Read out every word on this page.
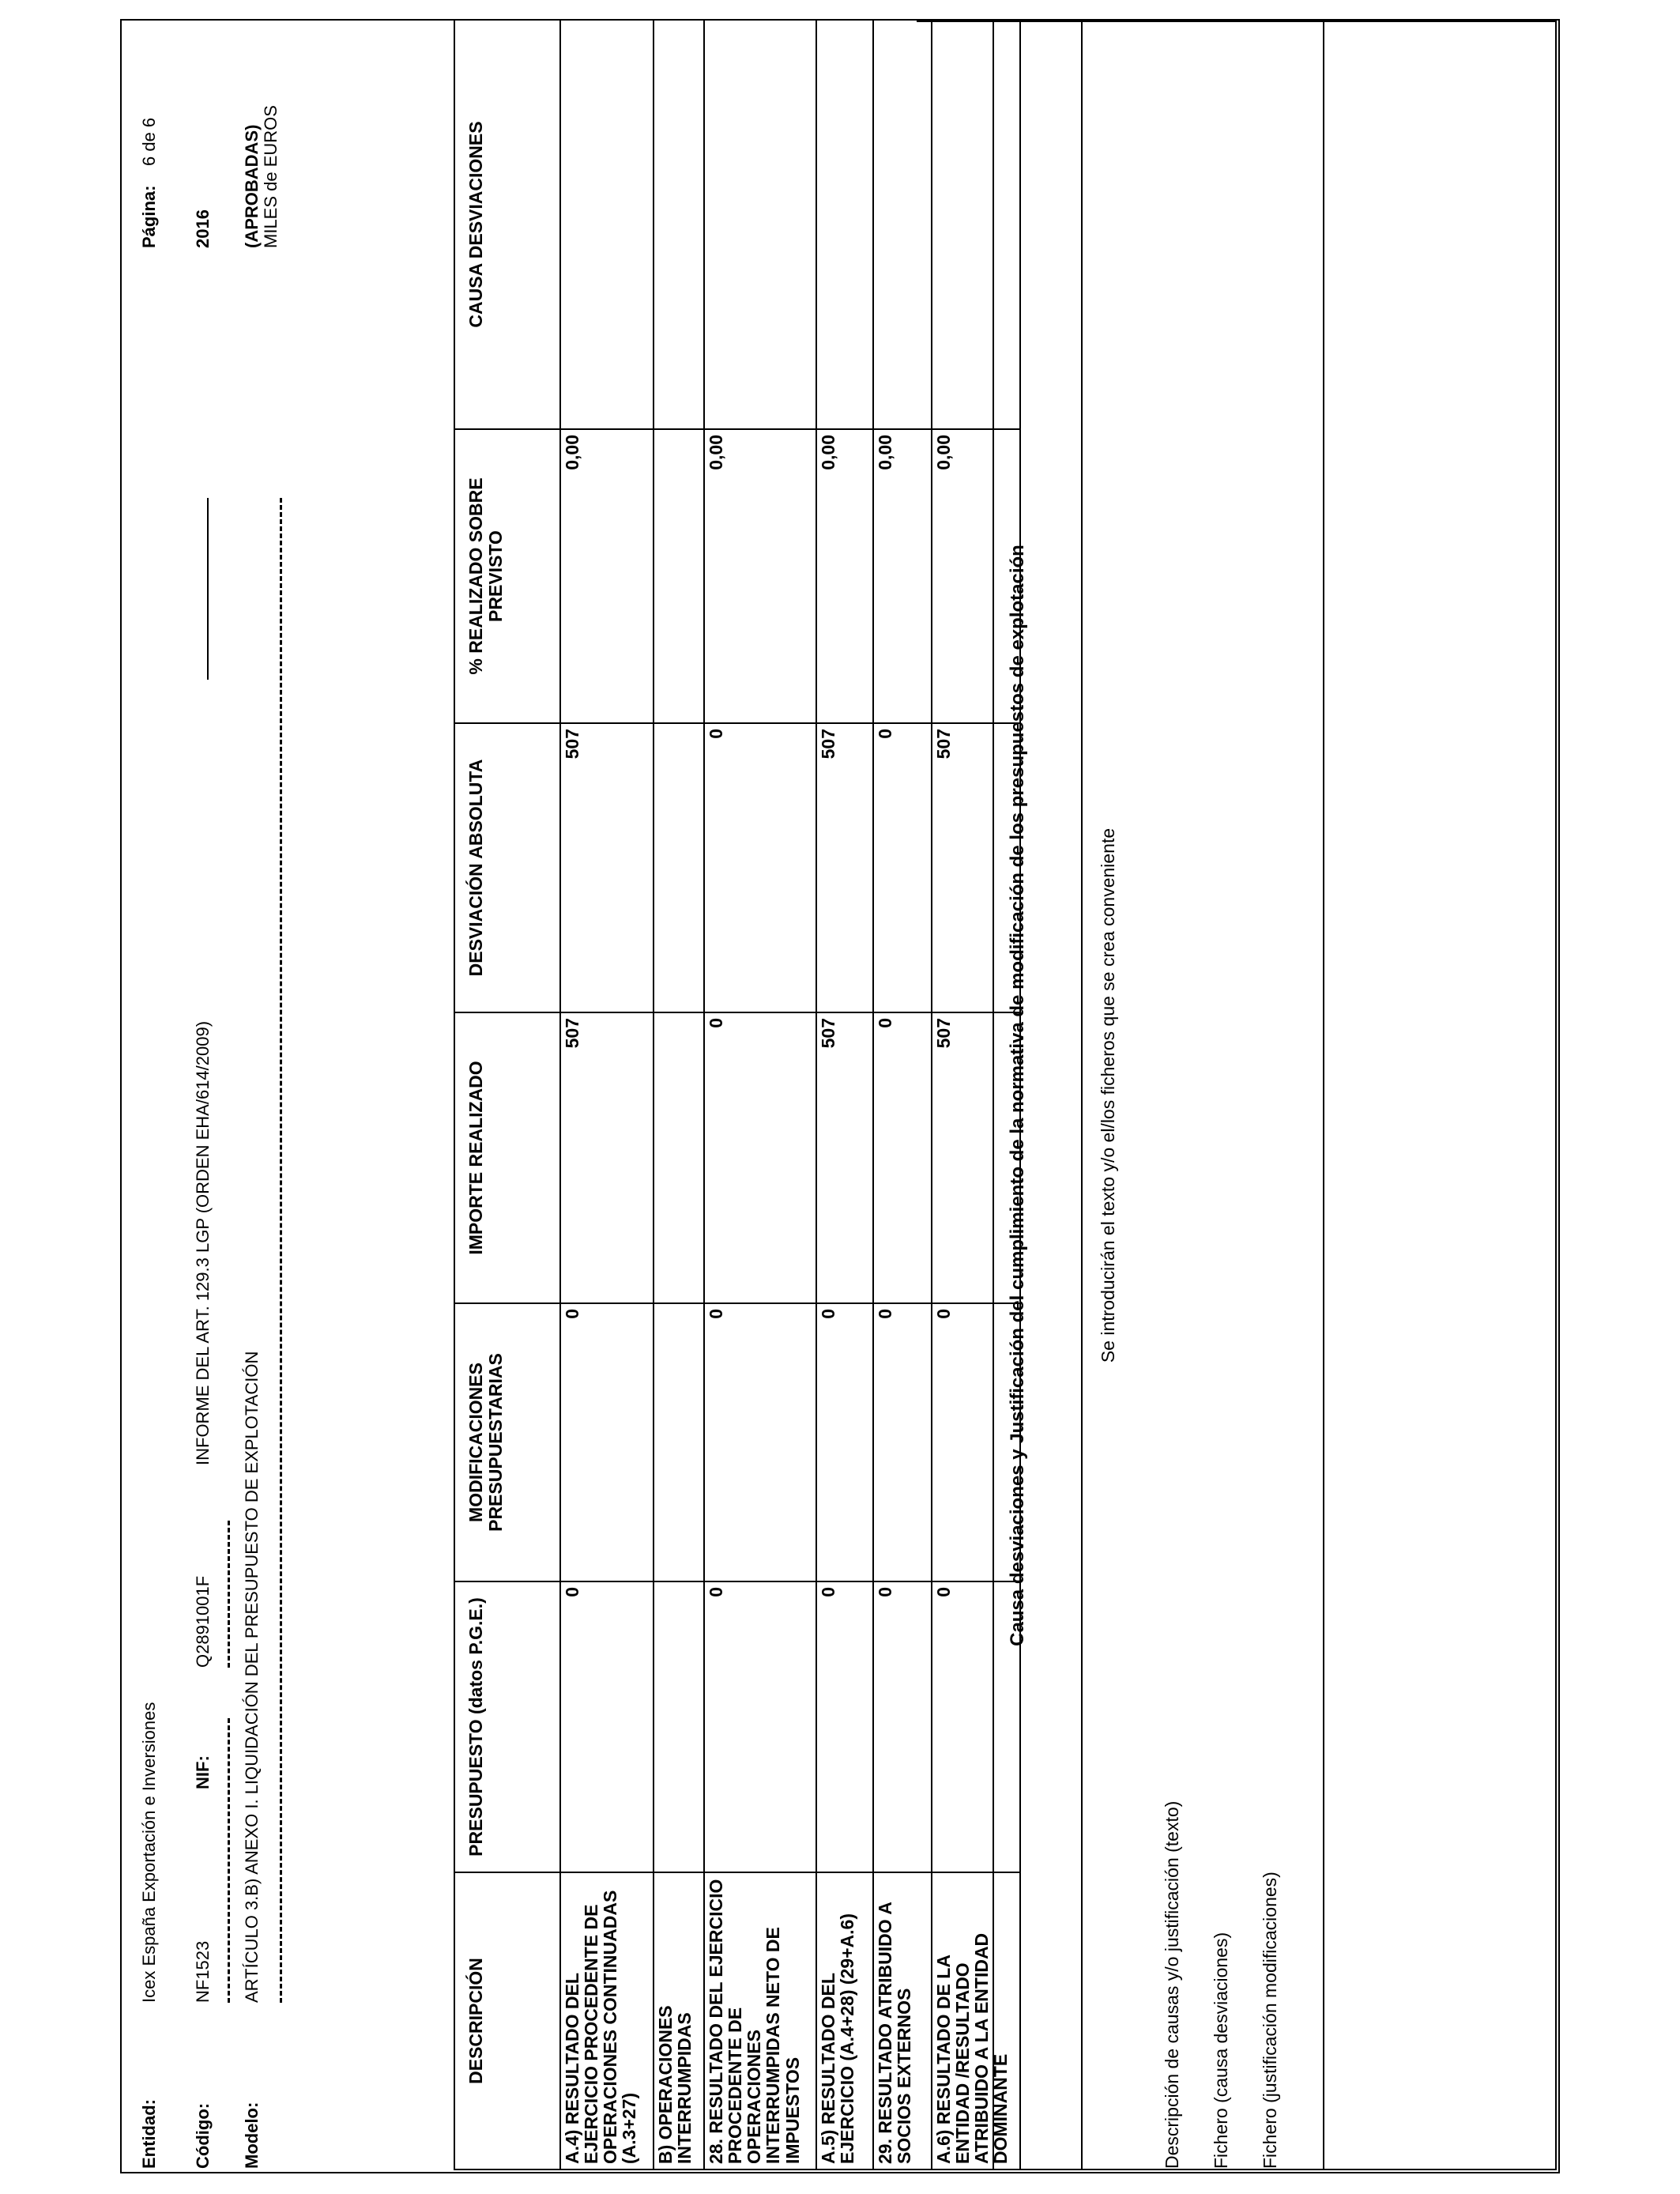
Entidad:
Icex España Exportación e Inversiones
Página:
6 de 6
Código:
NF1523
NIF:
Q2891001F
INFORME DEL ART. 129.3 LGP (ORDEN EHA/614/2009)
2016
Modelo:
ARTÍCULO 3.B) ANEXO I. LIQUIDACIÓN DEL PRESUPUESTO DE EXPLOTACIÓN
(APROBADAS) MILES de EUROS
DESCRIPCIÓN	PRESUPUESTO (datos P.G.E.)	MODIFICACIONES PRESUPUESTARIAS	IMPORTE REALIZADO	DESVIACIÓN ABSOLUTA	% REALIZADO SOBRE PREVISTO	CAUSA DESVIACIONES
A.4) RESULTADO DEL EJERCICIO PROCEDENTE DE OPERACIONES CONTINUADAS (A.3+27)	0	0	507	507	0,00	
B) OPERACIONES INTERRUMPIDAS						
28. RESULTADO DEL EJERCICIO PROCEDENTE DE OPERACIONES INTERRUMPIDAS NETO DE IMPUESTOS	0	0	0	0	0,00	
A.5) RESULTADO DEL EJERCICIO (A.4+28) (29+A.6)	0	0	507	507	0,00	
29. RESULTADO ATRIBUIDO A SOCIOS EXTERNOS	0	0	0	0	0,00	
A.6) RESULTADO DE LA ENTIDAD /RESULTADO ATRIBUIDO A LA ENTIDAD DOMINANTE	0	0	507	507	0,00	
Causa desviaciones y Justificación del cumplimiento de la normativa de modificación de los presupuestos de explotación	Se introducirán el texto y/o el/los ficheros que se crea conveniente
Descripción de causas y/o justificación (texto) Fichero (causa desviaciones) Fichero (justificación modificaciones)
